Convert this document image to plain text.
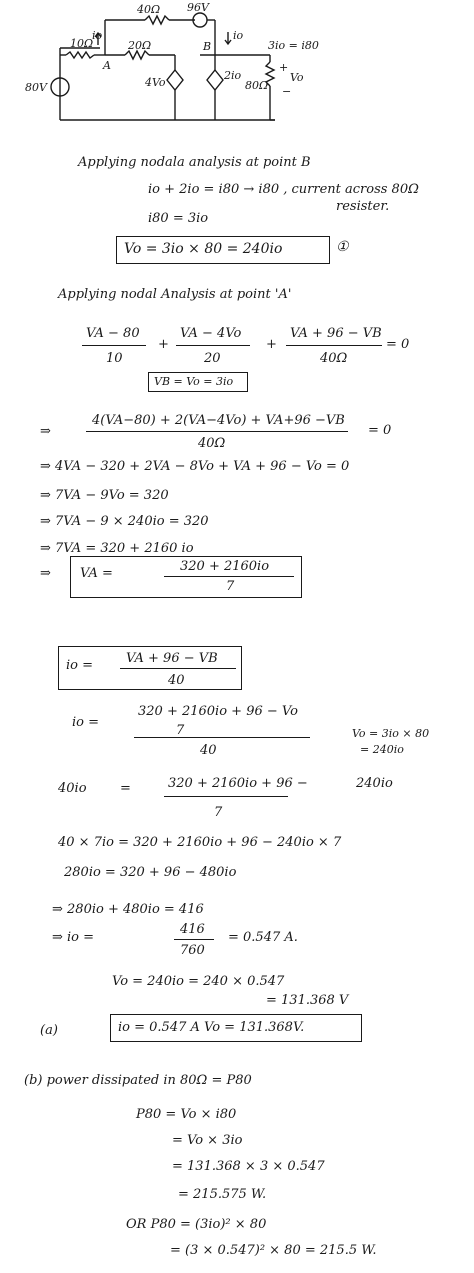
40Ω 96V
10Ω
io
20Ω
A
B
io
3io = i80
80V	4Vo
2io
80Ω
Vo
+
−
Applying nodala analysis at point B
io + 2io = i80 → i80 , current across 80Ω
resister.
i80 = 3io
Vo = 3io × 80 = 240io	①
Applying nodal Analysis at point 'A'
VA − 80
10
+
VA − 4Vo
20
+
VA + 96 − VB
40Ω
= 0
VB = Vo = 3io
⇒
4(VA−80) + 2(VA−4Vo) + VA+96 −VB
40Ω
= 0
⇒ 4VA − 320 + 2VA − 8Vo + VA + 96 − Vo = 0
⇒ 7VA − 9Vo = 320
⇒ 7VA − 9 × 240io = 320
⇒ 7VA = 320 + 2160 io
⇒ VA =	320 + 2160io
7
io =	VA + 96 − VB
40
io =
320 + 2160io + 96 − Vo
7
40
Vo = 3io × 80
= 240io
40io	=	320 + 2160io + 96 −
7
240io
40 × 7io = 320 + 2160io + 96 − 240io × 7
280io = 320 + 96 − 480io
⇒ 280io + 480io = 416
⇒ io =
416
760
= 0.547 A.
Vo = 240io = 240 × 0.547
= 131.368 V
(a)	io = 0.547 A Vo = 131.368V.
(b) power dissipated in 80Ω = P80
P80 = Vo × i80
= Vo × 3io
= 131.368 × 3 × 0.547
= 215.575 W.
OR P80 = (3io)² × 80
= (3 × 0.547)² × 80 = 215.5 W.
